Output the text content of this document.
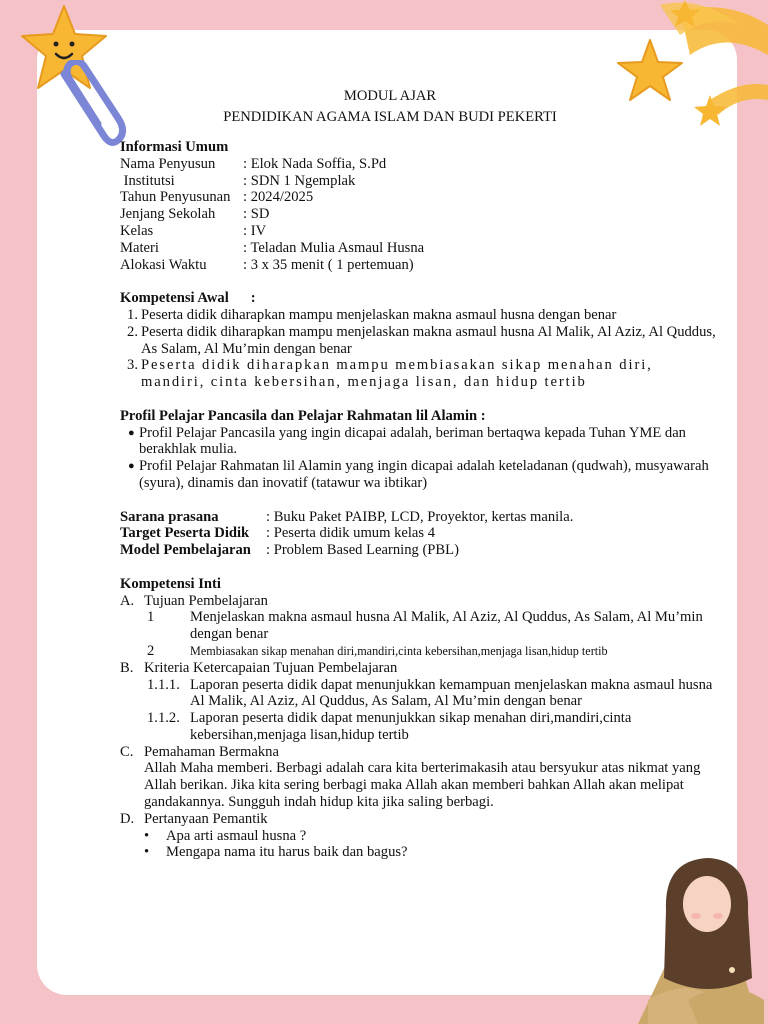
MODUL AJAR
PENDIDIKAN AGAMA ISLAM DAN BUDI PEKERTI
Informasi Umum
Nama Penyusun	: Elok Nada Soffia, S.Pd
Institutsi	: SDN 1 Ngemplak
Tahun Penyusunan : 2024/2025
Jenjang Sekolah	: SD
Kelas	: IV
Materi	: Teladan Mulia Asmaul Husna
Alokasi Waktu	: 3 x 35 menit ( 1 pertemuan)
Kompetensi Awal :
1. Peserta didik diharapkan mampu menjelaskan makna asmaul husna dengan benar
2. Peserta didik diharapkan mampu menjelaskan makna asmaul husna Al Malik, Al Aziz, Al Quddus, As Salam, Al Mu’min dengan benar
3. Peserta didik diharapkan mampu membiasakan sikap menahan diri, mandiri, cinta kebersihan, menjaga lisan, dan hidup tertib
Profil Pelajar Pancasila dan Pelajar Rahmatan lil Alamin :
● Profil Pelajar Pancasila yang ingin dicapai adalah, beriman bertaqwa kepada Tuhan YME dan berakhlak mulia.
● Profil Pelajar Rahmatan lil Alamin yang ingin dicapai adalah keteladanan (qudwah), musyawarah (syura), dinamis dan inovatif (tatawur wa ibtikar)
Sarana prasana	: Buku Paket PAIBP, LCD, Proyektor, kertas manila.
Target Peserta Didik	: Peserta didik umum kelas 4
Model Pembelajaran	: Problem Based Learning (PBL)
Kompetensi Inti
A. Tujuan Pembelajaran
1	Menjelaskan makna asmaul husna Al Malik, Al Aziz, Al Quddus, As Salam, Al Mu’min dengan benar
2	Membiasakan sikap menahan diri,mandiri,cinta kebersihan,menjaga lisan,hidup tertib
B. Kriteria Ketercapaian Tujuan Pembelajaran
1.1.1. Laporan peserta didik dapat menunjukkan kemampuan menjelaskan makna asmaul husna Al Malik, Al Aziz, Al Quddus, As Salam, Al Mu’min dengan benar
1.1.2. Laporan peserta didik dapat menunjukkan sikap menahan diri,mandiri,cinta kebersihan,menjaga lisan,hidup tertib
C. Pemahaman Bermakna
Allah Maha memberi. Berbagi adalah cara kita berterimakasih atau bersyukur atas nikmat yang Allah berikan. Jika kita sering berbagi maka Allah akan memberi bahkan Allah akan melipat gandakannya. Sungguh indah hidup kita jika saling berbagi.
D. Pertanyaan Pemantik
•	Apa arti asmaul husna ?
•	Mengapa nama itu harus baik dan bagus?
